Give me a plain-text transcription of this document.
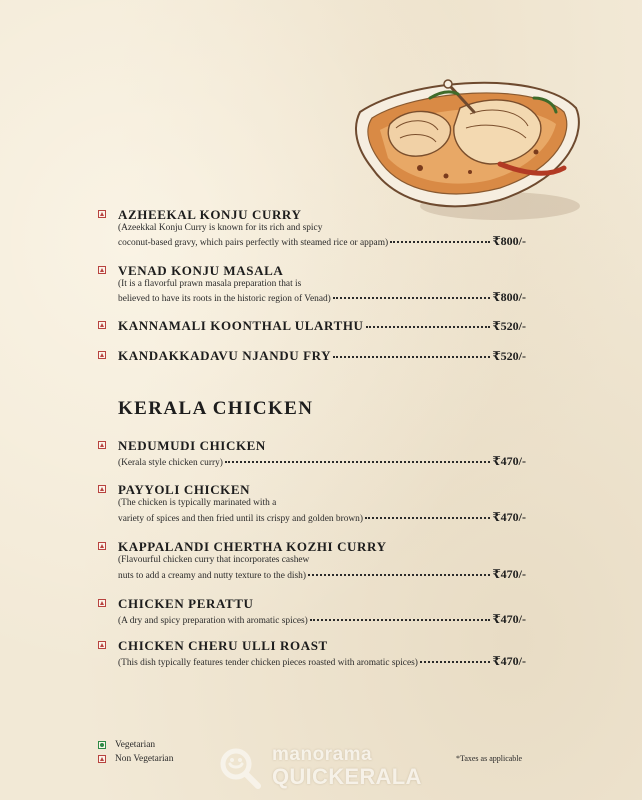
AZHEEKAL KONJU CURRY
(Azeekkal Konju Curry is known for its rich and spicy
coconut-based gravy, which pairs perfectly with steamed rice or appam)	₹800/-
VENAD KONJU MASALA
(It is a flavorful prawn masala preparation that is
believed to have its roots in the historic region of Venad)	₹800/-
KANNAMALI KOONTHAL ULARTHU	₹520/-
KANDAKKADAVU NJANDU FRY	₹520/-
KERALA CHICKEN
NEDUMUDI CHICKEN
(Kerala style chicken curry)	₹470/-
PAYYOLI CHICKEN
(The chicken is typically marinated with a
variety of spices and then fried until its crispy and golden brown)	₹470/-
KAPPALANDI CHERTHA KOZHI CURRY
(Flavourful chicken curry that incorporates cashew
nuts to add a creamy and nutty texture to the dish)	₹470/-
CHICKEN PERATTU
(A dry and spicy preparation with aromatic spices)	₹470/-
CHICKEN CHERU ULLI ROAST
(This dish typically features tender chicken pieces roasted with aromatic spices)	₹470/-
Vegetarian
Non Vegetarian	manorama
QUICKERALA
*Taxes as applicable
